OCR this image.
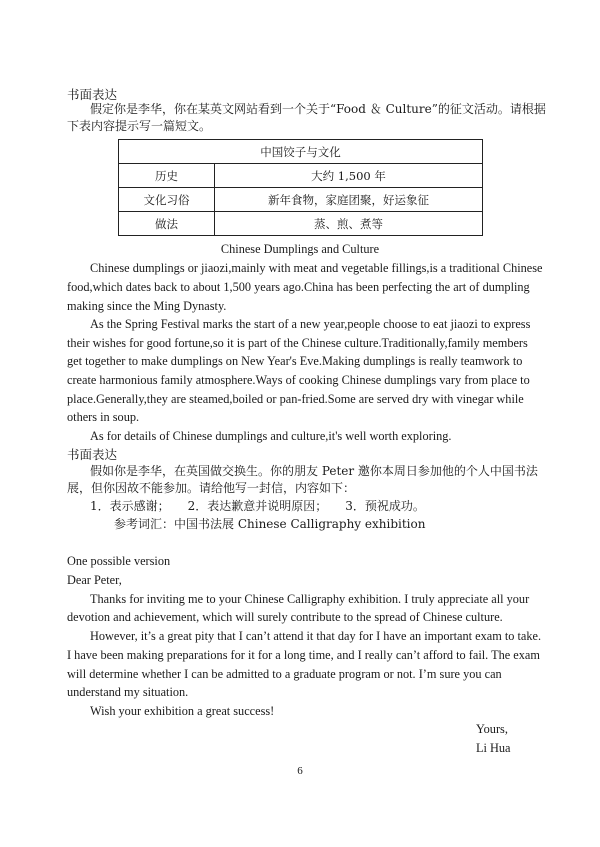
书面表达
假定你是李华，你在某英文网站看到一个关于“Food ＆ Culture”的征文活动。请根据
下表内容提示写一篇短文。
中国饺子与文化	
历史	大约 1,500 年
文化习俗	新年食物，家庭团聚，好运象征
做法	蒸、煎、煮等
Chinese Dumplings and Culture
Chinese dumplings or jiaozi,mainly with meat and vegetable fillings,is a traditional Chinese
food,which dates back to about 1,500 years ago.China has been perfecting the art of dumpling
making since the Ming Dynasty.
As the Spring Festival marks the start of a new year,people choose to eat jiaozi to express
their wishes for good fortune,so it is part of the Chinese culture.Traditionally,family members
get together to make dumplings on New Year's Eve.Making dumplings is really teamwork to
create harmonious family atmosphere.Ways of cooking Chinese dumplings vary from place to
place.Generally,they are steamed,boiled or pan-fried.Some are served dry with vinegar while
others in soup.
As for details of Chinese dumplings and culture,it's well worth exploring.
书面表达
假如你是李华，在英国做交换生。你的朋友 Peter 邀你本周日参加他的个人中国书法
展，但你因故不能参加。请给他写一封信，内容如下：
1．表示感谢；　　2．表达歉意并说明原因；　　3．预祝成功。
参考词汇：中国书法展 Chinese Calligraphy exhibition
One possible version
Dear Peter,
Thanks for inviting me to your Chinese Calligraphy exhibition. I truly appreciate all your
devotion and achievement, which will surely contribute to the spread of Chinese culture.
However, it’s a great pity that I can’t attend it that day for I have an important exam to take.
I have been making preparations for it for a long time, and I really can’t afford to fail. The exam
will determine whether I can be admitted to a graduate program or not. I’m sure you can
understand my situation.
Wish your exhibition a great success!
Yours,
Li Hua
6
